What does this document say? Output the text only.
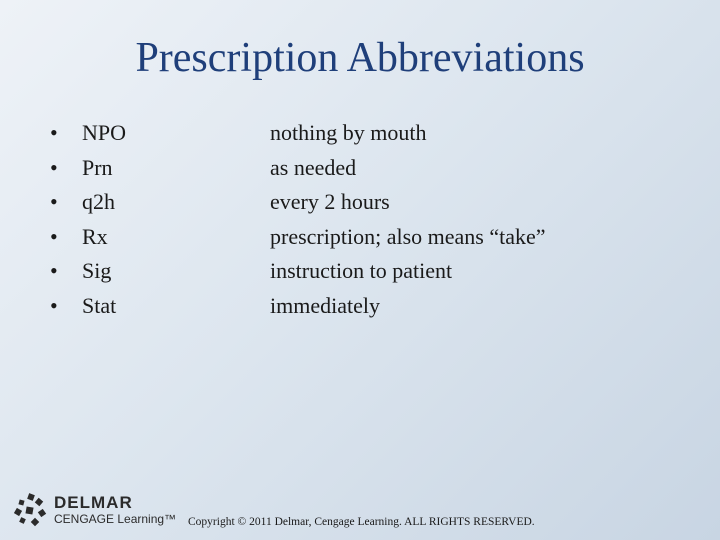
Prescription Abbreviations
• NPO	nothing by mouth
• Prn	as needed
• q2h	every 2 hours
• Rx	prescription; also means “take”
• Sig	instruction to patient
• Stat	immediately
DELMAR
CENGAGE Learning™ Copyright © 2011 Delmar, Cengage Learning. ALL RIGHTS RESERVED.
